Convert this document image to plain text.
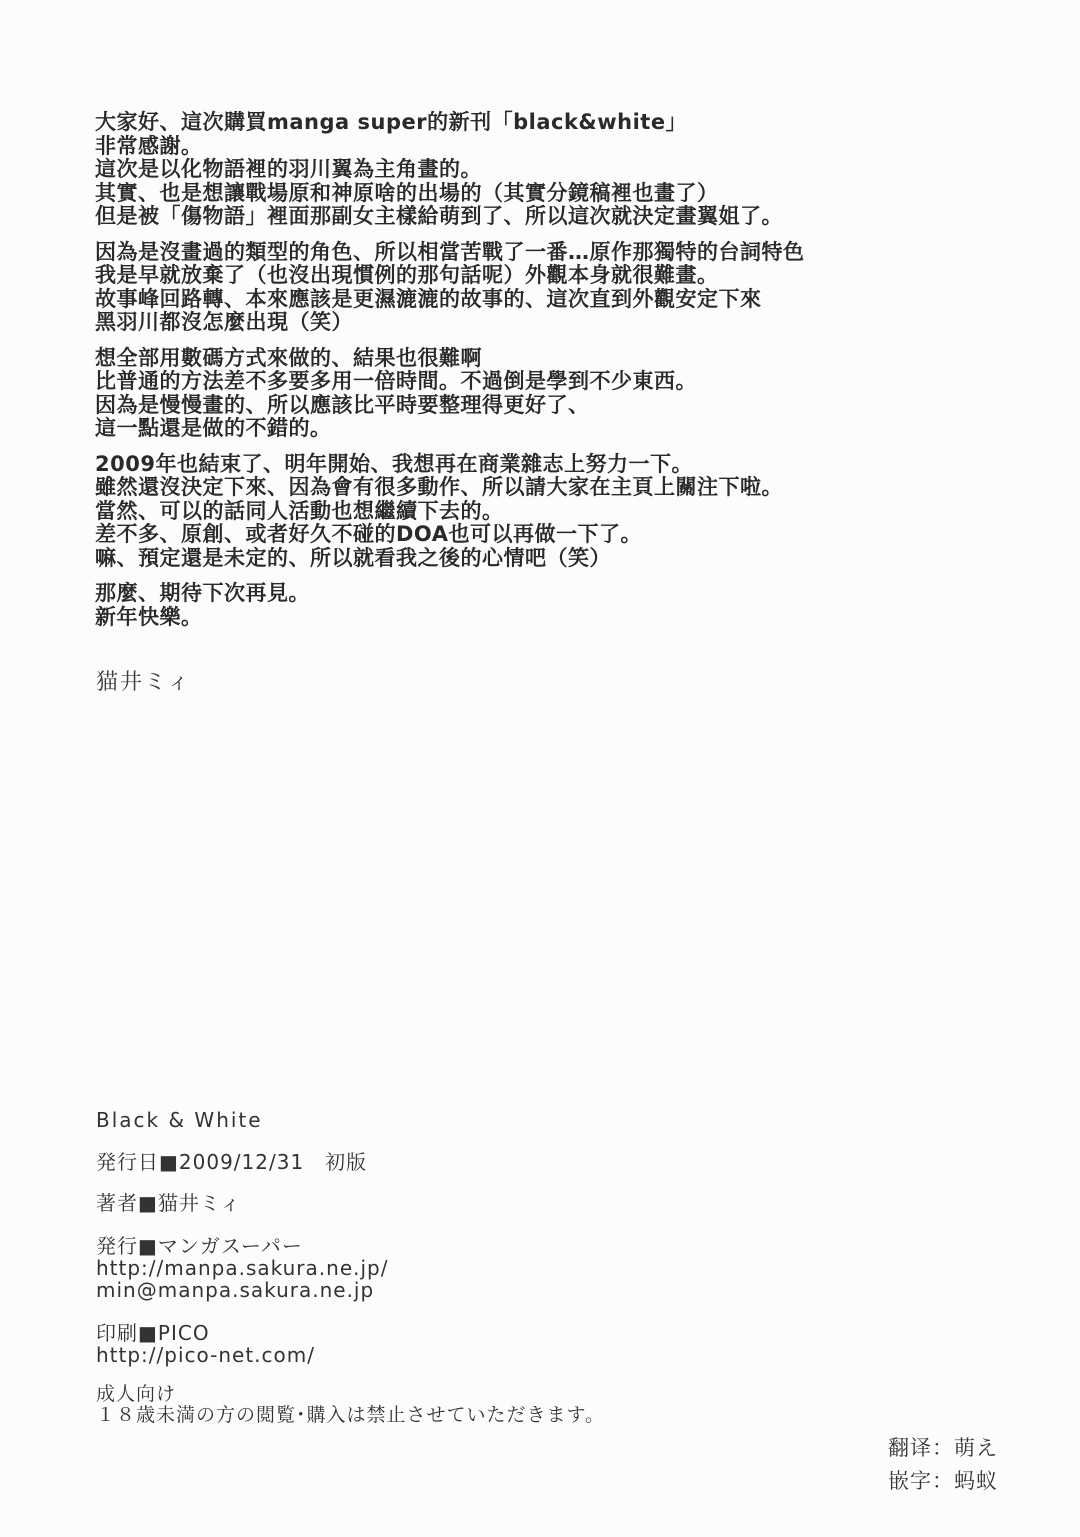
大家好、這次購買manga super的新刊「black&white」
非常感謝。
這次是以化物語裡的羽川翼為主角畫的。
其實、也是想讓戰場原和神原啥的出場的（其實分鏡稿裡也畫了）
但是被「傷物語」裡面那副女主樣給萌到了、所以這次就決定畫翼姐了。
因為是沒畫過的類型的角色、所以相當苦戰了一番…原作那獨特的台詞特色
我是早就放棄了（也沒出現慣例的那句話呢）外觀本身就很難畫。
故事峰回路轉、本來應該是更濕漉漉的故事的、這次直到外觀安定下來
黑羽川都沒怎麼出現（笑）
想全部用數碼方式來做的、結果也很難啊
比普通的方法差不多要多用一倍時間。不過倒是學到不少東西。
因為是慢慢畫的、所以應該比平時要整理得更好了、
這一點還是做的不錯的。
2009年也結束了、明年開始、我想再在商業雜志上努力一下。
雖然還沒決定下來、因為會有很多動作、所以請大家在主頁上關注下啦。
當然、可以的話同人活動也想繼續下去的。
差不多、原創、或者好久不碰的DOA也可以再做一下了。
嘛、預定還是未定的、所以就看我之後的心情吧（笑）
那麼、期待下次再見。
新年快樂。
猫井ミィ
Black & White
発行日■2009/12/31　初版
著者■猫井ミィ
発行■マンガスーパー
http://manpa.sakura.ne.jp/
min@manpa.sakura.ne.jp
印刷■PICO
http://pico-net.com/
成人向け
１８歳未満の方の閲覧･購入は禁止させていただきます。
翻译：萌え
嵌字：蚂蚁
